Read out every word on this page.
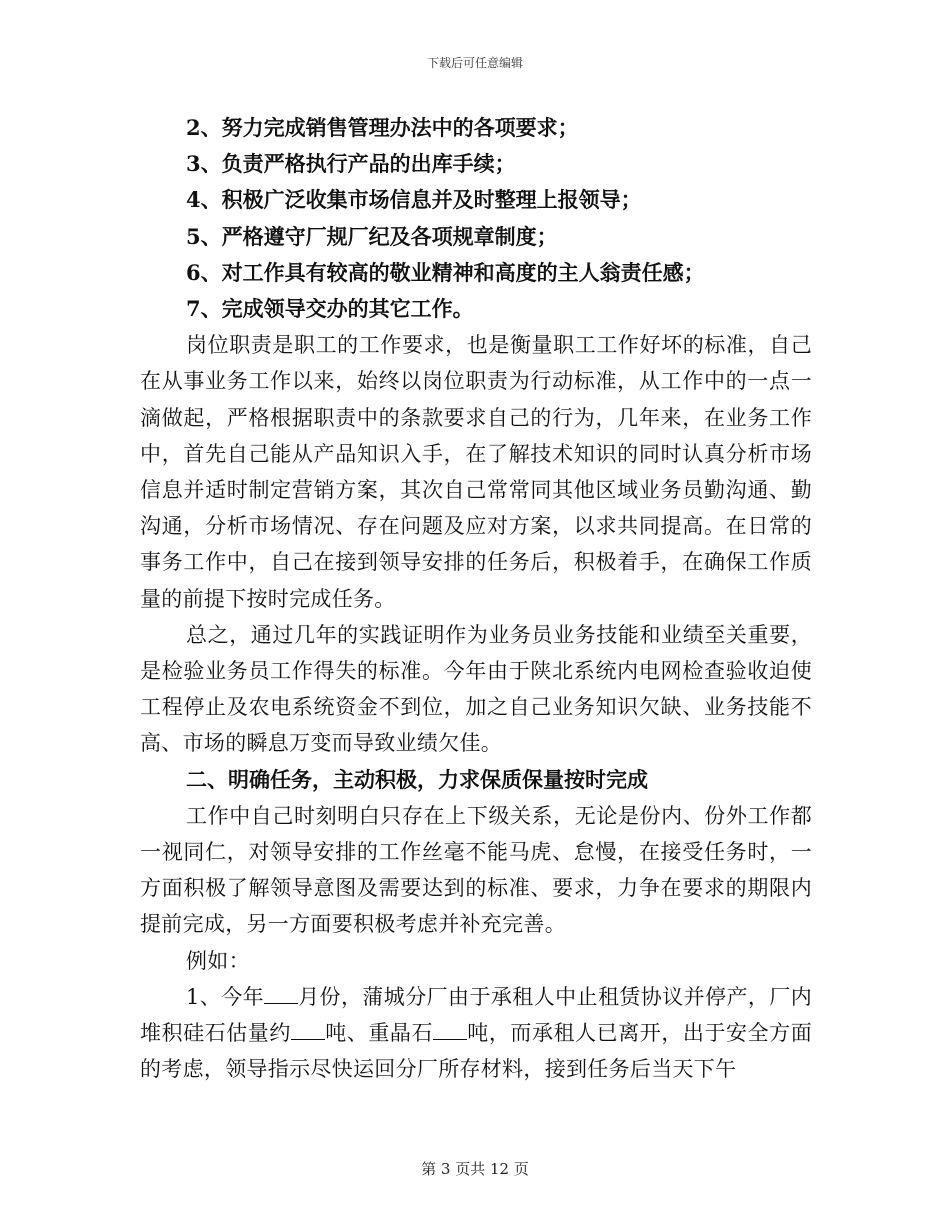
下载后可任意编辑

2、努力完成销售管理办法中的各项要求；

3、负责严格执行产品的出库手续；

4、积极广泛收集市场信息并及时整理上报领导；

5、严格遵守厂规厂纪及各项规章制度；

6、对工作具有较高的敬业精神和高度的主人翁责任感；

7、完成领导交办的其它工作。

岗位职责是职工的工作要求，也是衡量职工工作好坏的标准，自己在从事业务工作以来，始终以岗位职责为行动标准，从工作中的一点一滴做起，严格根据职责中的条款要求自己的行为，几年来，在业务工作中，首先自己能从产品知识入手，在了解技术知识的同时认真分析市场信息并适时制定营销方案，其次自己常常同其他区域业务员勤沟通、勤沟通，分析市场情况、存在问题及应对方案，以求共同提高。在日常的事务工作中，自己在接到领导安排的任务后，积极着手，在确保工作质量的前提下按时完成任务。

总之，通过几年的实践证明作为业务员业务技能和业绩至关重要，是检验业务员工作得失的标准。今年由于陕北系统内电网检查验收迫使工程停止及农电系统资金不到位，加之自己业务知识欠缺、业务技能不高、市场的瞬息万变而导致业绩欠佳。

二、明确任务，主动积极，力求保质保量按时完成

工作中自己时刻明白只存在上下级关系，无论是份内、份外工作都一视同仁，对领导安排的工作丝毫不能马虎、怠慢，在接受任务时，一方面积极了解领导意图及需要达到的标准、要求，力争在要求的期限内提前完成，另一方面要积极考虑并补充完善。

例如：

1、今年 月份，蒲城分厂由于承租人中止租赁协议并停产，厂内堆积硅石估量约 吨、重晶石 吨，而承租人已离开，出于安全方面的考虑，领导指示尽快运回分厂所存材料，接到任务后当天下午

第 3 页共 12 页
